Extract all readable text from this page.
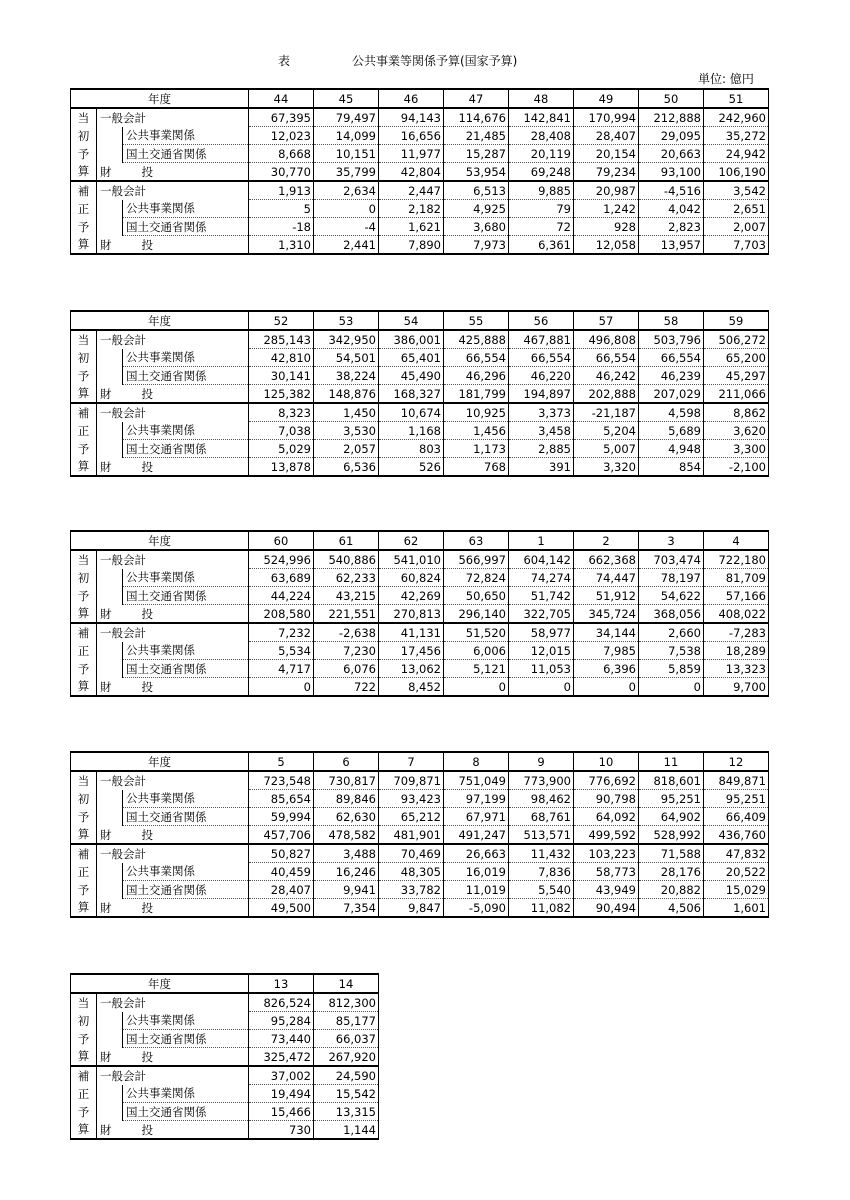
表	公共事業等関係予算(国家予算)
単位: 億円
年度			44	45	46	47	48	49	50	51
当	一般会計		67,395	79,497	94,143	114,676	142,841	170,994	212,888	242,960
初		公共事業関係	12,023	14,099	16,656	21,485	28,408	28,407	29,095	35,272
予		国土交通省関係	8,668	10,151	11,977	15,287	20,119	20,154	20,663	24,942
算	財 投		30,770	35,799	42,804	53,954	69,248	79,234	93,100	106,190
補	一般会計		1,913	2,634	2,447	6,513	9,885	20,987	-4,516	3,542
正		公共事業関係	5	0	2,182	4,925	79	1,242	4,042	2,651
予		国土交通省関係	-18	-4	1,621	3,680	72	928	2,823	2,007
算	財 投		1,310	2,441	7,890	7,973	6,361	12,058	13,957	7,703
年度			52	53	54	55	56	57	58	59
当	一般会計		285,143	342,950	386,001	425,888	467,881	496,808	503,796	506,272
初		公共事業関係	42,810	54,501	65,401	66,554	66,554	66,554	66,554	65,200
予		国土交通省関係	30,141	38,224	45,490	46,296	46,220	46,242	46,239	45,297
算	財 投		125,382	148,876	168,327	181,799	194,897	202,888	207,029	211,066
補	一般会計		8,323	1,450	10,674	10,925	3,373	-21,187	4,598	8,862
正		公共事業関係	7,038	3,530	1,168	1,456	3,458	5,204	5,689	3,620
予		国土交通省関係	5,029	2,057	803	1,173	2,885	5,007	4,948	3,300
算	財 投		13,878	6,536	526	768	391	3,320	854	-2,100
年度			60	61	62	63	1	2	3	4
当	一般会計		524,996	540,886	541,010	566,997	604,142	662,368	703,474	722,180
初		公共事業関係	63,689	62,233	60,824	72,824	74,274	74,447	78,197	81,709
予		国土交通省関係	44,224	43,215	42,269	50,650	51,742	51,912	54,622	57,166
算	財 投		208,580	221,551	270,813	296,140	322,705	345,724	368,056	408,022
補	一般会計		7,232	-2,638	41,131	51,520	58,977	34,144	2,660	-7,283
正		公共事業関係	5,534	7,230	17,456	6,006	12,015	7,985	7,538	18,289
予		国土交通省関係	4,717	6,076	13,062	5,121	11,053	6,396	5,859	13,323
算	財 投		0	722	8,452	0	0	0	0	9,700
年度			5	6	7	8	9	10	11	12
当	一般会計		723,548	730,817	709,871	751,049	773,900	776,692	818,601	849,871
初		公共事業関係	85,654	89,846	93,423	97,199	98,462	90,798	95,251	95,251
予		国土交通省関係	59,994	62,630	65,212	67,971	68,761	64,092	64,902	66,409
算	財 投		457,706	478,582	481,901	491,247	513,571	499,592	528,992	436,760
補	一般会計		50,827	3,488	70,469	26,663	11,432	103,223	71,588	47,832
正		公共事業関係	40,459	16,246	48,305	16,019	7,836	58,773	28,176	20,522
予		国土交通省関係	28,407	9,941	33,782	11,019	5,540	43,949	20,882	15,029
算	財 投		49,500	7,354	9,847	-5,090	11,082	90,494	4,506	1,601
年度			13	14
当	一般会計		826,524	812,300
初		公共事業関係	95,284	85,177
予		国土交通省関係	73,440	66,037
算	財 投		325,472	267,920
補	一般会計		37,002	24,590
正		公共事業関係	19,494	15,542
予		国土交通省関係	15,466	13,315
算	財 投		730	1,144
